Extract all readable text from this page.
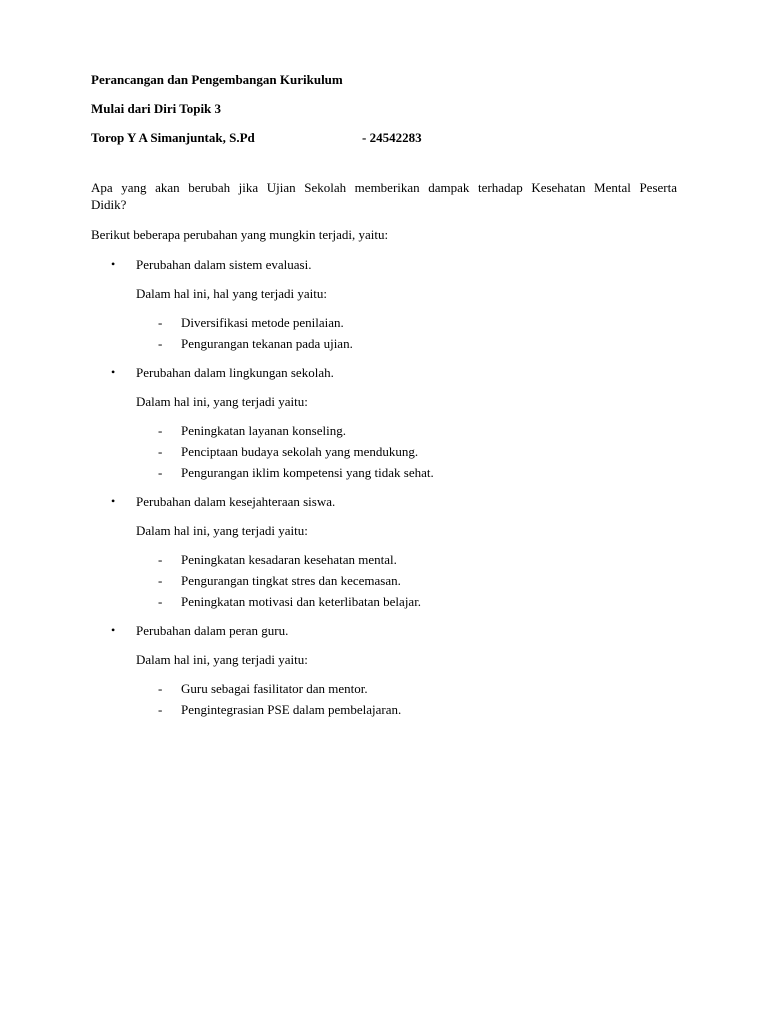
Perancangan dan Pengembangan Kurikulum

Mulai dari Diri Topik 3

Torop Y A Simanjuntak, S.Pd	- 24542283

Apa yang akan berubah jika Ujian Sekolah memberikan dampak terhadap Kesehatan Mental Peserta Didik?

Berikut beberapa perubahan yang mungkin terjadi, yaitu:

•	Perubahan dalam sistem evaluasi.
Dalam hal ini, hal yang terjadi yaitu:
-	Diversifikasi metode penilaian.
-	Pengurangan tekanan pada ujian.
•	Perubahan dalam lingkungan sekolah.
Dalam hal ini, yang terjadi yaitu:
-	Peningkatan layanan konseling.
-	Penciptaan budaya sekolah yang mendukung.
-	Pengurangan iklim kompetensi yang tidak sehat.
•	Perubahan dalam kesejahteraan siswa.
Dalam hal ini, yang terjadi yaitu:
-	Peningkatan kesadaran kesehatan mental.
-	Pengurangan tingkat stres dan kecemasan.
-	Peningkatan motivasi dan keterlibatan belajar.
•	Perubahan dalam peran guru.
Dalam hal ini, yang terjadi yaitu:
-	Guru sebagai fasilitator dan mentor.
-	Pengintegrasian PSE dalam pembelajaran.
